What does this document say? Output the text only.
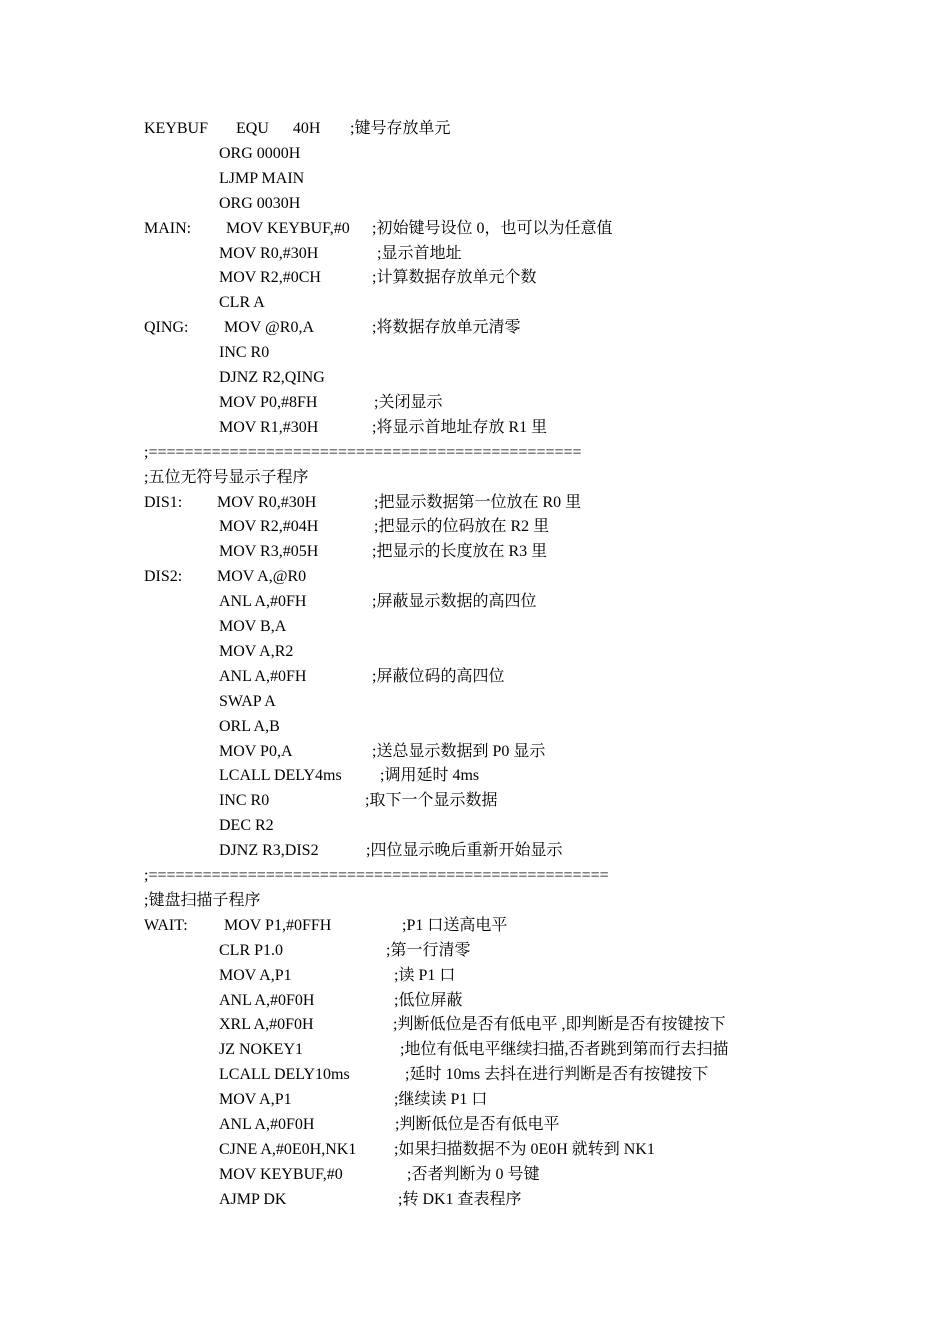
KEYBUF EQU      40H ;键号存放单元
ORG 0000H
LJMP MAIN
ORG 0030H
MAIN: MOV KEYBUF,#0 ;初始键号设位 0，也可以为任意值
MOV R0,#30H	;显示首地址
MOV R2,#0CH	;计算数据存放单元个数
CLR A
QING: MOV @R0,A	;将数据存放单元清零
INC R0
DJNZ R2,QING
MOV P0,#8FH	;关闭显示
MOV R1,#30H	;将显示首地址存放 R1 里
;================================================
;五位无符号显示子程序
DIS1: MOV R0,#30H	;把显示数据第一位放在 R0 里
MOV R2,#04H	;把显示的位码放在 R2 里
MOV R3,#05H	;把显示的长度放在 R3 里
DIS2: MOV A,@R0
ANL A,#0FH	;屏蔽显示数据的高四位
MOV B,A
MOV A,R2
ANL A,#0FH	;屏蔽位码的高四位
SWAP A
ORL A,B
MOV P0,A	;送总显示数据到 P0 显示
LCALL DELY4ms ;调用延时 4ms
INC R0	;取下一个显示数据
DEC R2
DJNZ R3,DIS2	;四位显示晚后重新开始显示
;===================================================
;键盘扫描子程序
WAIT: MOV P1,#0FFH	;P1 口送高电平
CLR P1.0	;第一行清零
MOV A,P1	;读 P1 口
ANL A,#0F0H	;低位屏蔽
XRL A,#0F0H	;判断低位是否有低电平 ,即判断是否有按键按下
JZ NOKEY1	;地位有低电平继续扫描,否者跳到第而行去扫描
LCALL DELY10ms	;延时 10ms 去抖在进行判断是否有按键按下
MOV A,P1	;继续读 P1 口
ANL A,#0F0H	;判断低位是否有低电平
CJNE A,#0E0H,NK1 ;如果扫描数据不为 0E0H 就转到 NK1
MOV KEYBUF,#0	;否者判断为 0 号键
AJMP DK	;转 DK1 查表程序
